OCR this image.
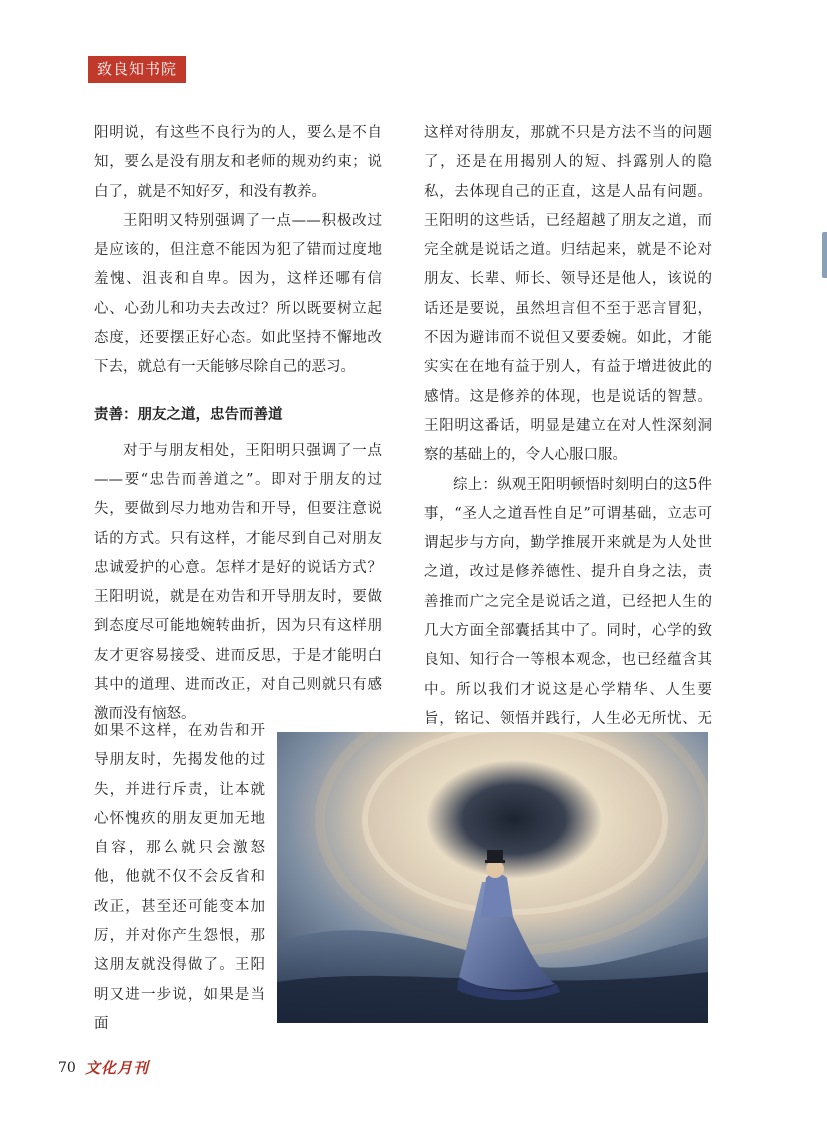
致良知书院

阳明说，有这些不良行为的人，要么是不自知，要么是没有朋友和老师的规劝约束；说白了，就是不知好歹，和没有教养。

王阳明又特别强调了一点——积极改过是应该的，但注意不能因为犯了错而过度地羞愧、沮丧和自卑。因为，这样还哪有信心、心劲儿和功夫去改过？所以既要树立起态度，还要摆正好心态。如此坚持不懈地改下去，就总有一天能够尽除自己的恶习。

责善：朋友之道，忠告而善道

对于与朋友相处，王阳明只强调了一点——要“忠告而善道之”。即对于朋友的过失，要做到尽力地劝告和开导，但要注意说话的方式。只有这样，才能尽到自己对朋友忠诚爱护的心意。怎样才是好的说话方式？王阳明说，就是在劝告和开导朋友时，要做到态度尽可能地婉转曲折，因为只有这样朋友才更容易接受、进而反思，于是才能明白其中的道理、进而改正，对自己则就只有感激而没有恼怒。

如果不这样，在劝告和开导朋友时，先揭发他的过失，并进行斥责，让本就心怀愧疚的朋友更加无地自容，那么就只会激怒他，他就不仅不会反省和改正，甚至还可能变本加厉，并对你产生怨恨，那这朋友就没得做了。王阳明又进一步说，如果是当面

这样对待朋友，那就不只是方法不当的问题了，还是在用揭别人的短、抖露别人的隐私，去体现自己的正直，这是人品有问题。王阳明的这些话，已经超越了朋友之道，而完全就是说话之道。归结起来，就是不论对朋友、长辈、师长、领导还是他人，该说的话还是要说，虽然坦言但不至于恶言冒犯，不因为避讳而不说但又要委婉。如此，才能实实在在地有益于别人，有益于增进彼此的感情。这是修养的体现，也是说话的智慧。王阳明这番话，明显是建立在对人性深刻洞察的基础上的，令人心服口服。

综上：纵观王阳明顿悟时刻明白的这5件事，“圣人之道吾性自足”可谓基础，立志可谓起步与方向，勤学推展开来就是为人处世之道，改过是修养德性、提升自身之法，责善推而广之完全是说话之道，已经把人生的几大方面全部囊括其中了。同时，心学的致良知、知行合一等根本观念，也已经蕴含其中。所以我们才说这是心学精华、人生要旨，铭记、领悟并践行，人生必无所忧、无

70 文化月刊
